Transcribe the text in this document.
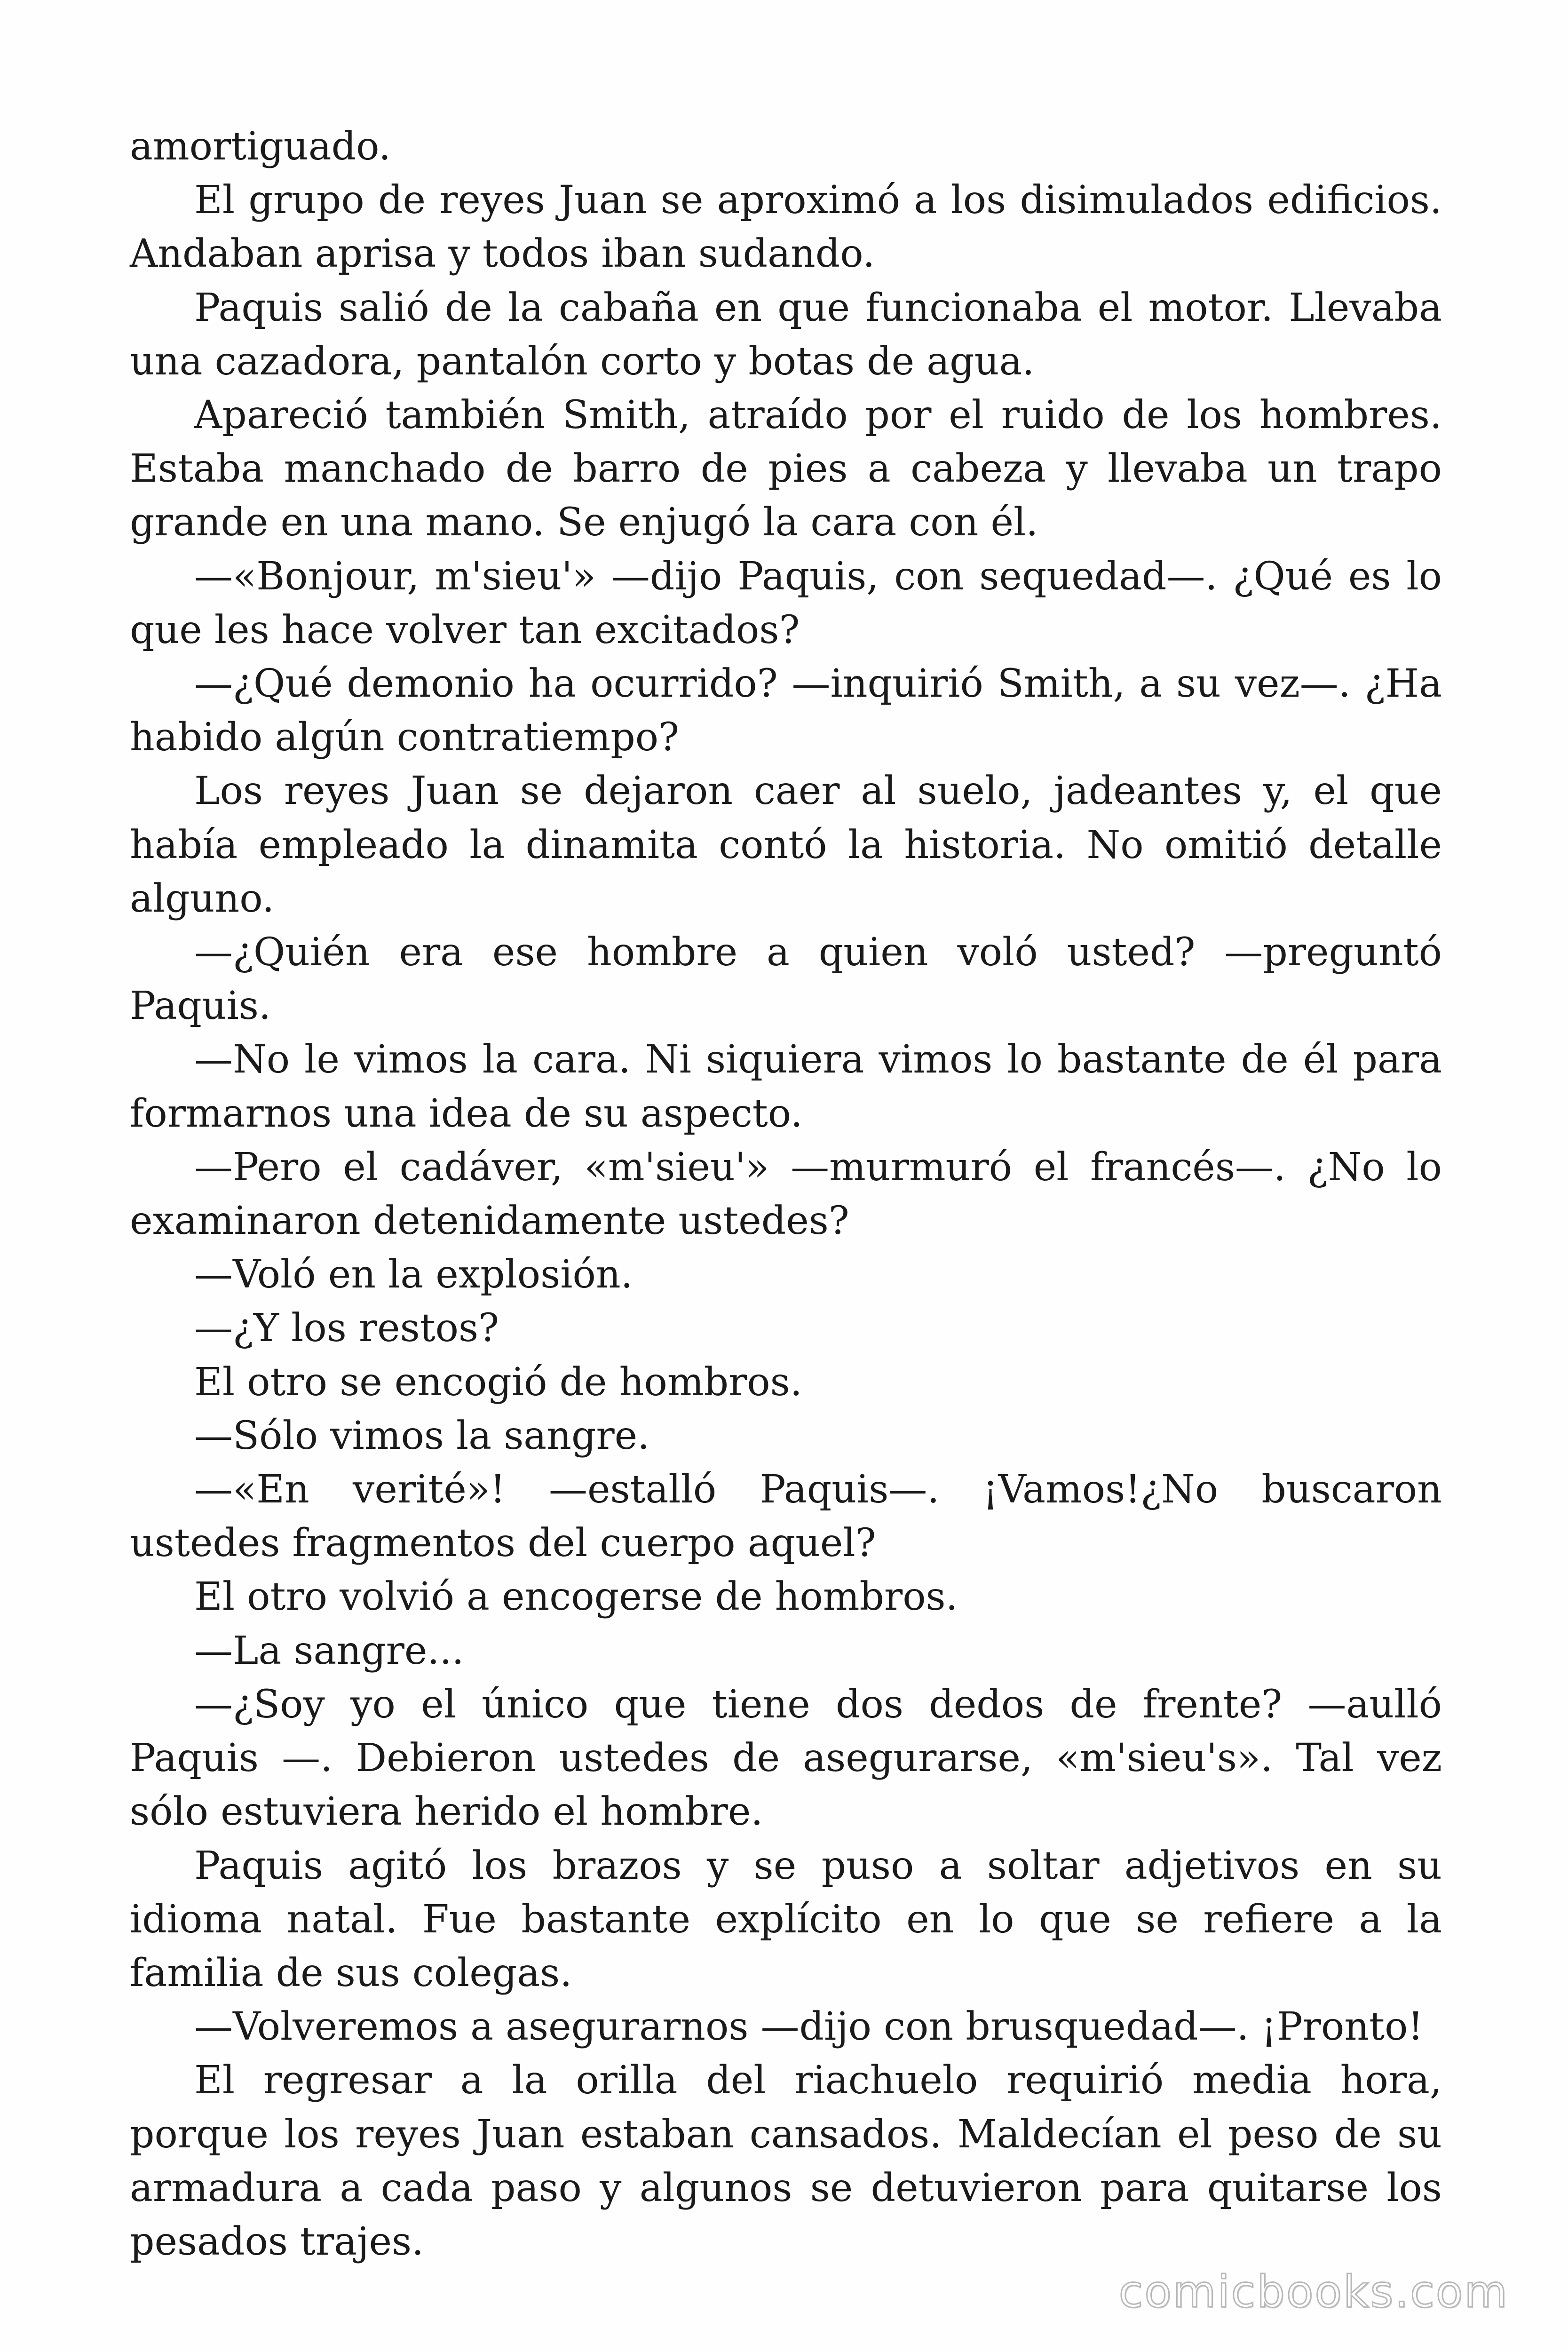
amortiguado.

El grupo de reyes Juan se aproximó a los disimulados edificios. Andaban aprisa y todos iban sudando.

Paquis salió de la cabaña en que funcionaba el motor. Llevaba una cazadora, pantalón corto y botas de agua.

Apareció también Smith, atraído por el ruido de los hombres. Estaba manchado de barro de pies a cabeza y llevaba un trapo grande en una mano. Se enjugó la cara con él.

—«Bonjour, m'sieu'» —dijo Paquis, con sequedad—. ¿Qué es lo que les hace volver tan excitados?

—¿Qué demonio ha ocurrido? —inquirió Smith, a su vez—. ¿Ha habido algún contratiempo?

Los reyes Juan se dejaron caer al suelo, jadeantes y, el que había empleado la dinamita contó la historia. No omitió detalle alguno.

—¿Quién era ese hombre a quien voló usted? —preguntó Paquis.

—No le vimos la cara. Ni siquiera vimos lo bastante de él para formarnos una idea de su aspecto.

—Pero el cadáver, «m'sieu'» —murmuró el francés—. ¿No lo examinaron detenidamente ustedes?

—Voló en la explosión.

—¿Y los restos?

El otro se encogió de hombros.

—Sólo vimos la sangre.

—«En verité»! —estalló Paquis—. ¡Vamos!¿No buscaron ustedes fragmentos del cuerpo aquel?

El otro volvió a encogerse de hombros.

—La sangre...

—¿Soy yo el único que tiene dos dedos de frente? —aulló Paquis —. Debieron ustedes de asegurarse, «m'sieu's». Tal vez sólo estuviera herido el hombre.

Paquis agitó los brazos y se puso a soltar adjetivos en su idioma natal. Fue bastante explícito en lo que se refiere a la familia de sus colegas.

—Volveremos a asegurarnos —dijo con brusquedad—. ¡Pronto!

El regresar a la orilla del riachuelo requirió media hora, porque los reyes Juan estaban cansados. Maldecían el peso de su armadura a cada paso y algunos se detuvieron para quitarse los pesados trajes.

comicbooks.com
